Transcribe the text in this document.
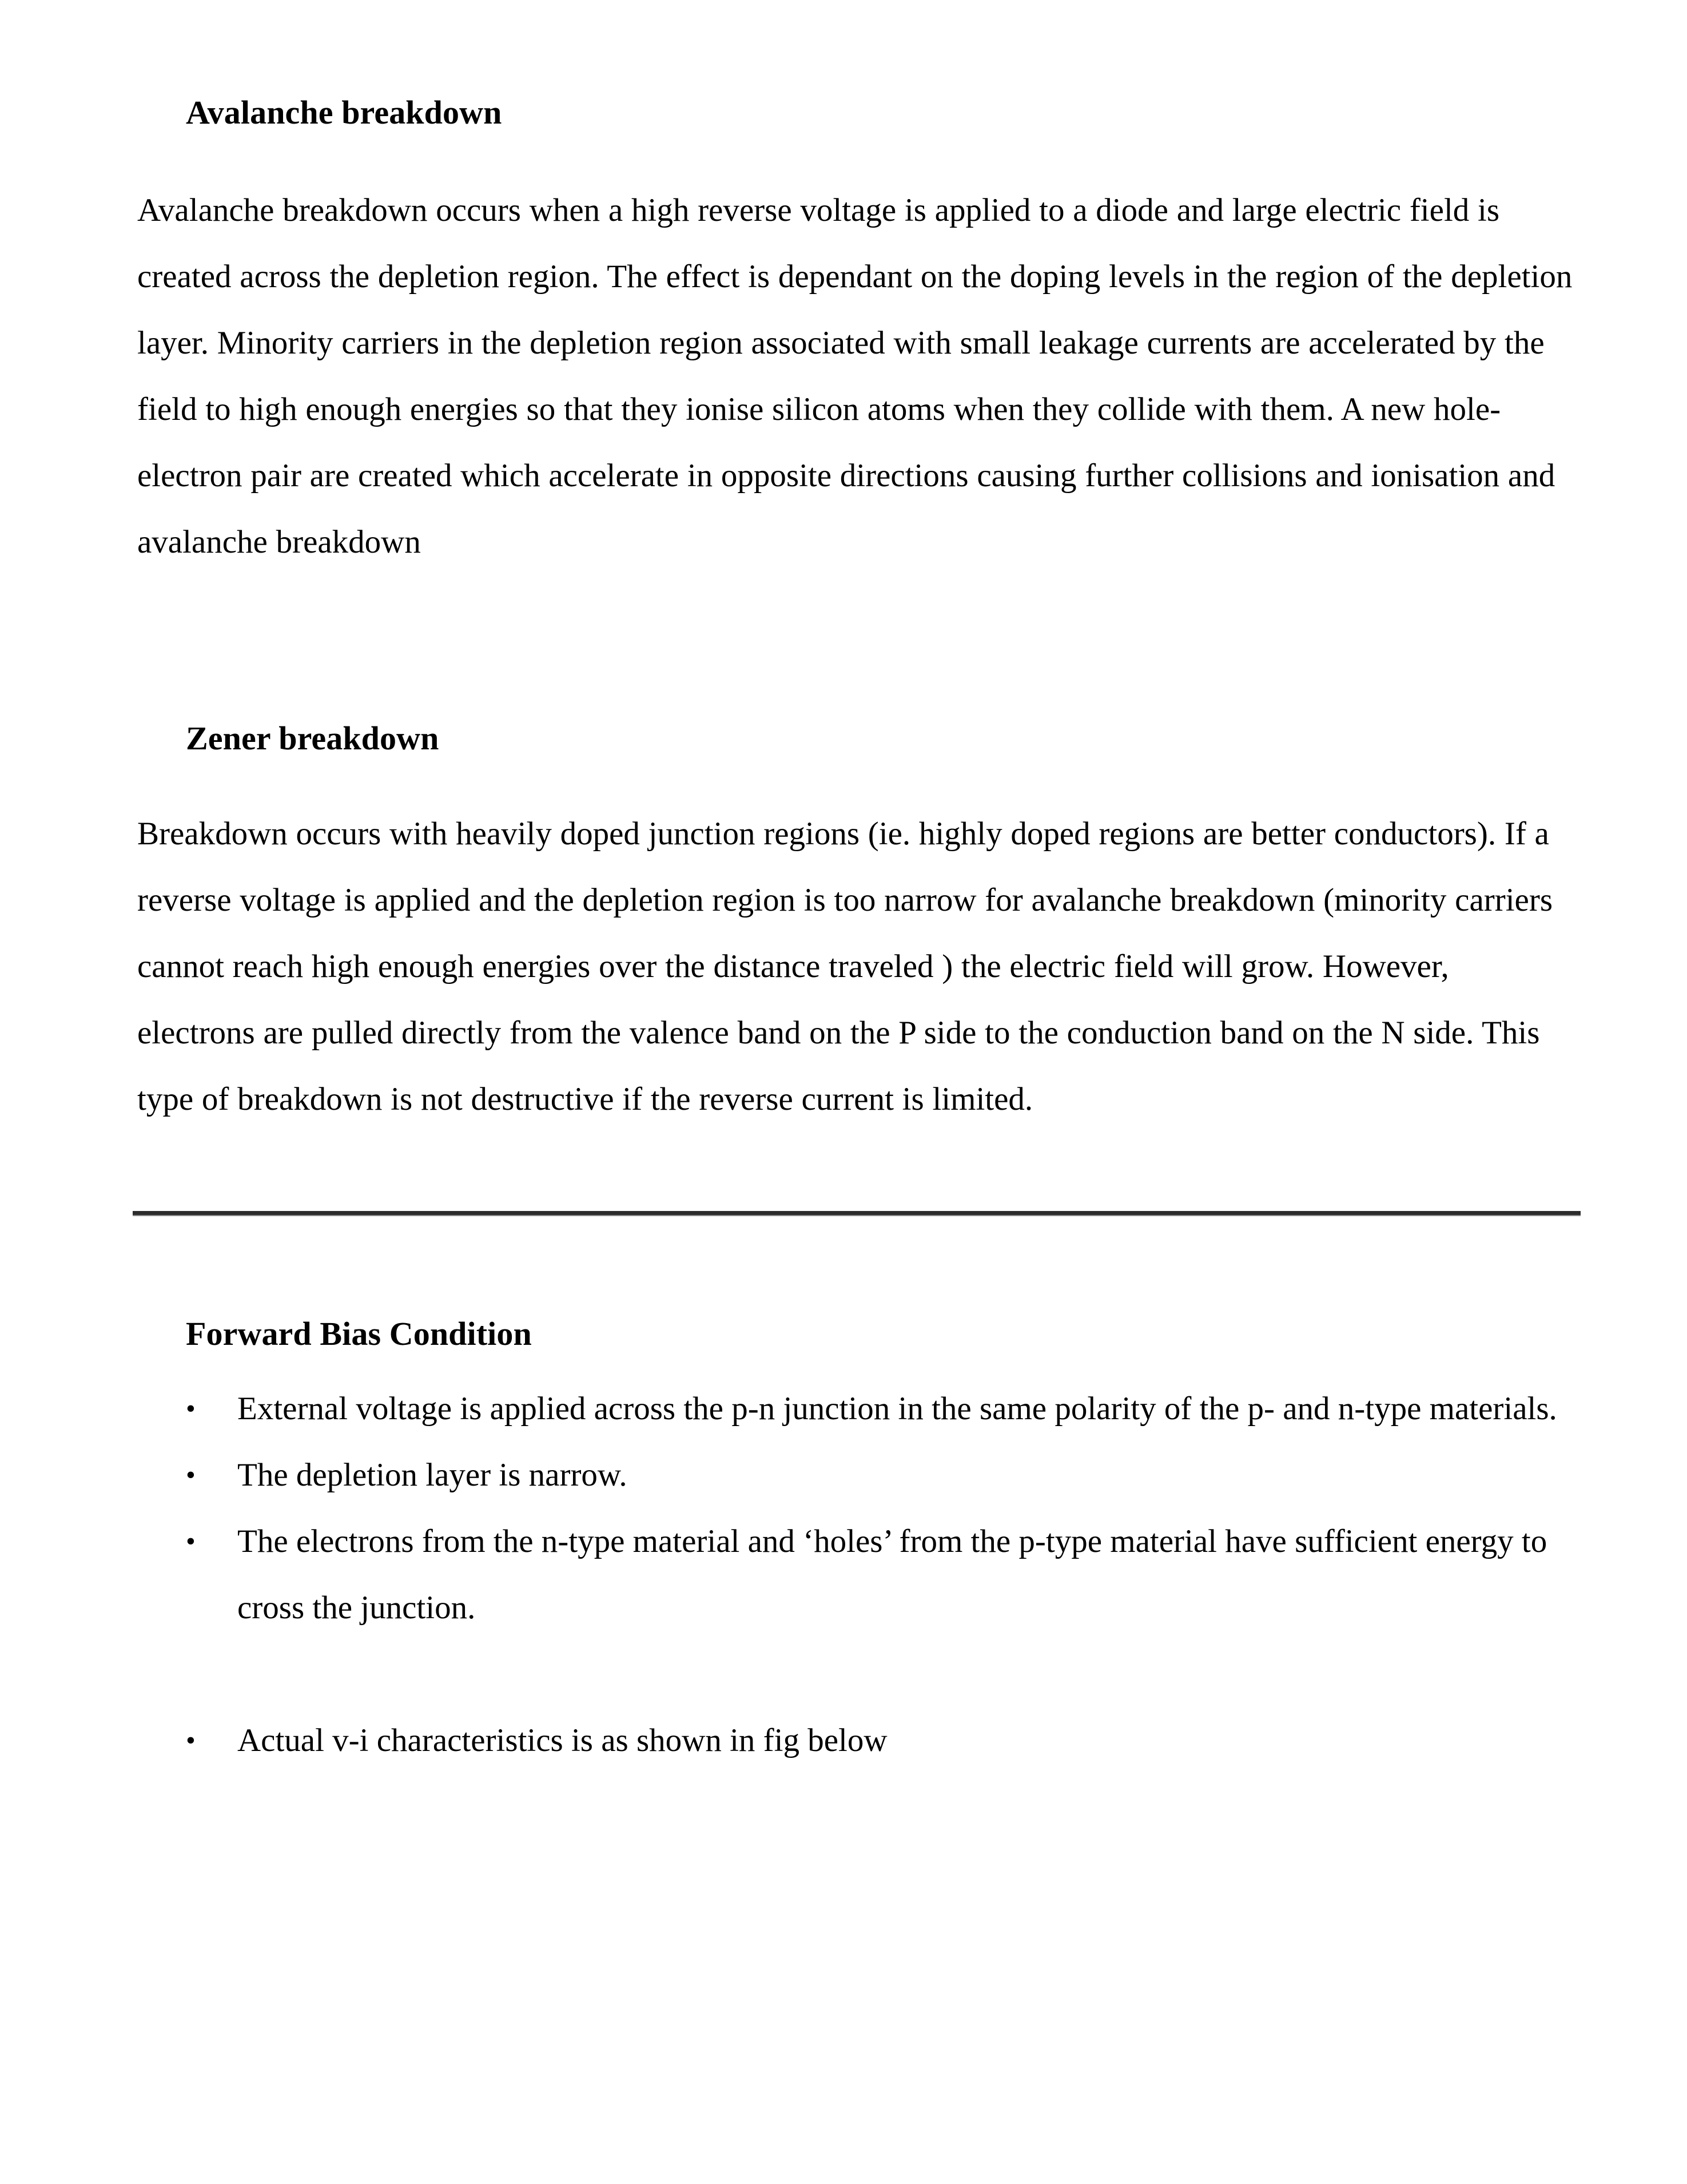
Avalanche breakdown
Avalanche breakdown occurs when a high reverse voltage is applied to a diode and large electric field is created across the depletion region. The effect is dependant on the doping levels in the region of the depletion layer. Minority carriers in the depletion region associated with small leakage currents are accelerated by the field to high enough energies so that they ionise silicon atoms when they collide with them. A new hole-electron pair are created which accelerate in opposite directions causing further collisions and ionisation and avalanche breakdown
Zener breakdown
Breakdown occurs with heavily doped junction regions (ie. highly doped regions are better conductors). If a reverse voltage is applied and the depletion region is too narrow for avalanche breakdown (minority carriers cannot reach high enough energies over the distance traveled ) the electric field will grow. However, electrons are pulled directly from the valence band on the P side to the conduction band on the N side. This type of breakdown is not destructive if the reverse current is limited.
Forward Bias Condition
•	External voltage is applied across the p-n junction in the same polarity of the p- and n-type materials.
•	The depletion layer is narrow.
•	The electrons from the n-type material and ‘holes’ from the p-type material have sufficient energy to cross the junction.
•	Actual v-i characteristics is as shown in fig below
